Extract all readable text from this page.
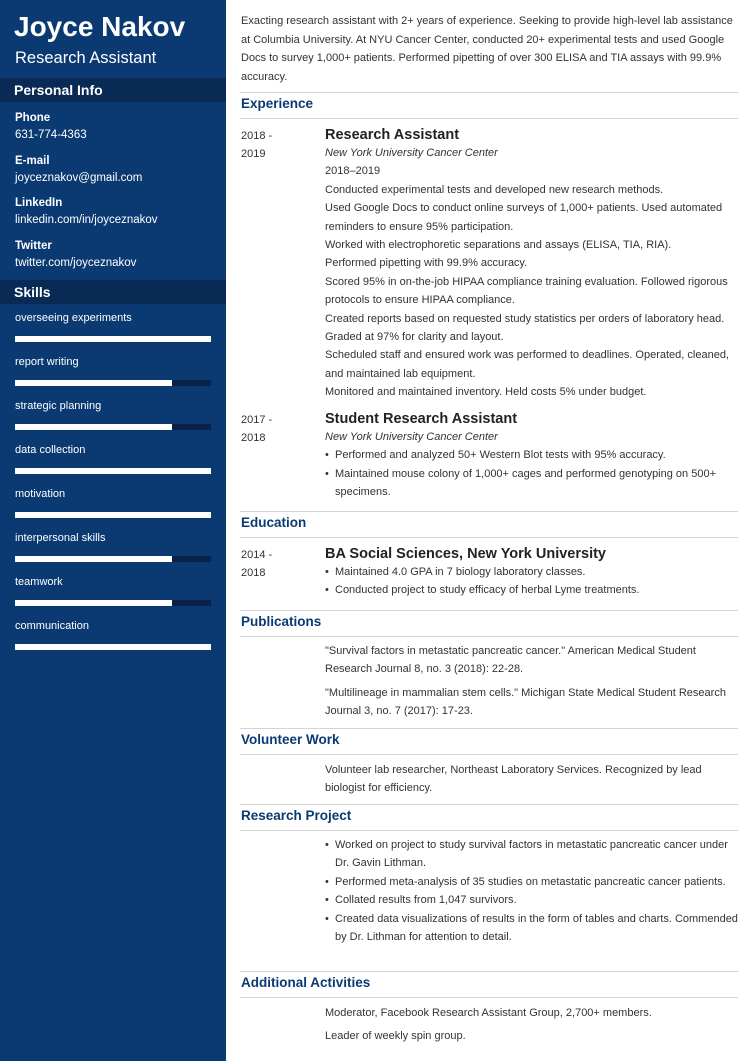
Joyce Nakov
Research Assistant
Personal Info
Phone
631-774-4363
E-mail
joyceznakov@gmail.com
LinkedIn
linkedin.com/in/joyceznakov
Twitter
twitter.com/joyceznakov
Skills
overseeing experiments
report writing
strategic planning
data collection
motivation
interpersonal skills
teamwork
communication
Exacting research assistant with 2+ years of experience. Seeking to provide high-level lab assistance at Columbia University. At NYU Cancer Center, conducted 20+ experimental tests and used Google Docs to survey 1,000+ patients. Performed pipetting of over 300 ELISA and TIA assays with 99.9% accuracy.
Experience
2018 -
2019
Research Assistant
New York University Cancer Center
2018–2019
Conducted experimental tests and developed new research methods.
Used Google Docs to conduct online surveys of 1,000+ patients. Used automated reminders to ensure 95% participation.
Worked with electrophoretic separations and assays (ELISA, TIA, RIA).
Performed pipetting with 99.9% accuracy.
Scored 95% in on-the-job HIPAA compliance training evaluation. Followed rigorous protocols to ensure HIPAA compliance.
Created reports based on requested study statistics per orders of laboratory head. Graded at 97% for clarity and layout.
Scheduled staff and ensured work was performed to deadlines. Operated, cleaned, and maintained lab equipment.
Monitored and maintained inventory. Held costs 5% under budget.
2017 -
2018
Student Research Assistant
New York University Cancer Center
• Performed and analyzed 50+ Western Blot tests with 95% accuracy.
• Maintained mouse colony of 1,000+ cages and performed genotyping on 500+ specimens.
Education
2014 -
2018
BA Social Sciences, New York University
• Maintained 4.0 GPA in 7 biology laboratory classes.
• Conducted project to study efficacy of herbal Lyme treatments.
Publications
"Survival factors in metastatic pancreatic cancer." American Medical Student Research Journal 8, no. 3 (2018): 22-28.
"Multilineage in mammalian stem cells." Michigan State Medical Student Research Journal 3, no. 7 (2017): 17-23.
Volunteer Work
Volunteer lab researcher, Northeast Laboratory Services. Recognized by lead biologist for efficiency.
Research Project
• Worked on project to study survival factors in metastatic pancreatic cancer under Dr. Gavin Lithman.
• Performed meta-analysis of 35 studies on metastatic pancreatic cancer patients.
• Collated results from 1,047 survivors.
• Created data visualizations of results in the form of tables and charts. Commended by Dr. Lithman for attention to detail.
Additional Activities
Moderator, Facebook Research Assistant Group, 2,700+ members.
Leader of weekly spin group.
